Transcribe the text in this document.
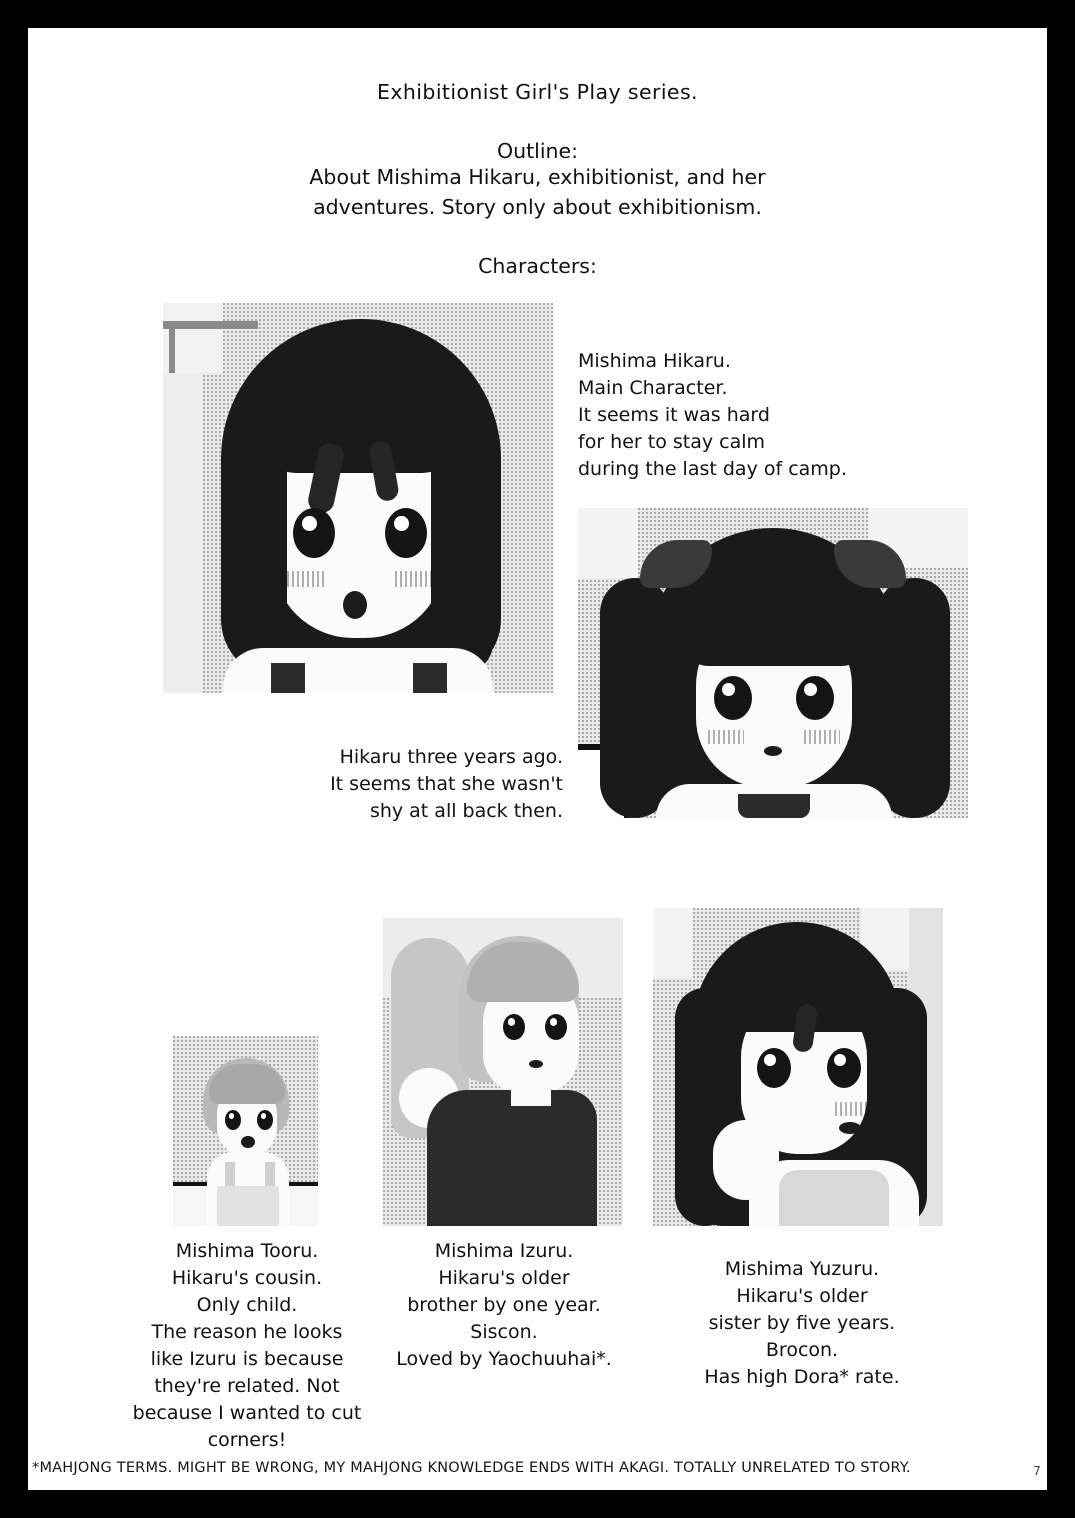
Exhibitionist Girl's Play series.
Outline:
About Mishima Hikaru, exhibitionist, and her
adventures. Story only about exhibitionism.
Characters:
Mishima Hikaru.
Main Character.
It seems it was hard
for her to stay calm
during the last day of camp.
Hikaru three years ago.
It seems that she wasn't
shy at all back then.
Mishima Tooru.
Hikaru's cousin.
Only child.
The reason he looks
like Izuru is because
they're related. Not
because I wanted to cut
corners!
Mishima Izuru.
Hikaru's older
brother by one year.
Siscon.
Loved by Yaochuuhai*.
Mishima Yuzuru.
Hikaru's older
sister by five years.
Brocon.
Has high Dora* rate.
*MAHJONG TERMS. MIGHT BE WRONG, MY MAHJONG KNOWLEDGE ENDS WITH AKAGI. TOTALLY UNRELATED TO STORY.	7
